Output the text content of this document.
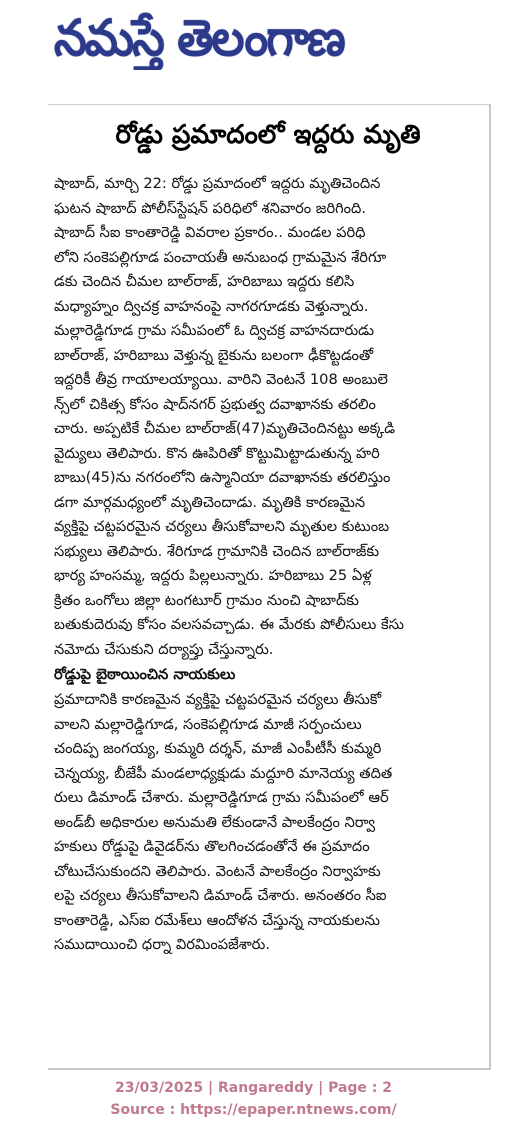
నమస్తే తెలంగాణ
రోడ్డు ప్రమాదంలో ఇద్దరు మృతి
షాబాద్, మార్చి 22: రోడ్డు ప్రమాదంలో ఇద్దరు మృతిచెందిన
ఘటన షాబాద్ పోలీస్‌స్టేషన్ పరిధిలో శనివారం జరిగింది.
షాబాద్ సీఐ కాంతారెడ్డి వివరాల ప్రకారం.. మండల పరిధి
లోని సంకెపల్లిగూడ పంచాయతీ అనుబంధ గ్రామమైన శేరిగూ
డకు చెందిన చీమల బాల్‌రాజ్, హరిబాబు ఇద్దరు కలిసి
మధ్యాహ్నం ద్విచక్ర వాహనంపై నాగరగూడకు వెళ్తున్నారు.
మల్లారెడ్డిగూడ గ్రామ సమీపంలో ఓ ద్విచక్ర వాహనదారుడు
బాల్‌రాజ్, హరిబాబు వెళ్తున్న బైకును బలంగా ఢీకొట్టడంతో
ఇద్దరికీ తీవ్ర గాయాలయ్యాయి. వారిని వెంటనే 108 అంబులె
న్స్‌లో చికిత్స కోసం షాద్‌నగర్ ప్రభుత్వ దవాఖానకు తరలిం
చారు. అప్పటికే చీమల బాల్‌రాజ్(47)మృతిచెందినట్టు అక్కడి
వైద్యులు తెలిపారు. కొన ఊపిరితో కొట్టుమిట్టాడుతున్న హరి
బాబు(45)ను నగరంలోని ఉస్మానియా దవాఖానకు తరలిస్తుం
డగా మార్గమధ్యంలో మృతిచెందాడు. మృతికి కారణమైన
వ్యక్తిపై చట్టపరమైన చర్యలు తీసుకోవాలని మృతుల కుటుంబ
సభ్యులు తెలిపారు. శేరిగూడ గ్రామానికి చెందిన బాల్‌రాజ్‌కు
భార్య హంసమ్మ, ఇద్దరు పిల్లలున్నారు. హరిబాబు 25 ఏళ్ల
క్రితం ఒంగోలు జిల్లా టంగటూర్ గ్రామం నుంచి షాబాద్‌కు
బతుకుదెరువు కోసం వలసవచ్చాడు. ఈ మేరకు పోలీసులు కేసు
నమోదు చేసుకుని దర్యాప్తు చేస్తున్నారు.
రోడ్డుపై బైఠాయించిన నాయకులు
ప్రమాదానికి కారణమైన వ్యక్తిపై చట్టపరమైన చర్యలు తీసుకో
వాలని మల్లారెడ్డిగూడ, సంకెపల్లిగూడ మాజీ సర్పంచులు
చందిప్ప జంగయ్య, కుమ్మరి దర్శన్, మాజీ ఎంపీటీసీ కుమ్మరి
చెన్నయ్య, బీజేపీ మండలాధ్యక్షుడు మద్దూరి మానెయ్య తదిత
రులు డిమాండ్ చేశారు. మల్లారెడ్డిగూడ గ్రామ సమీపంలో ఆర్
అండ్‌బీ అధికారుల అనుమతి లేకుండానే పాలకేంద్రం నిర్వా
హకులు రోడ్డుపై డివైడర్‌ను తొలగించడంతోనే ఈ ప్రమాదం
చోటుచేసుకుందని తెలిపారు. వెంటనే పాలకేంద్రం నిర్వాహకు
లపై చర్యలు తీసుకోవాలని డిమాండ్ చేశారు. అనంతరం సీఐ
కాంతారెడ్డి, ఎస్ఐ రమేశ్‌లు ఆందోళన చేస్తున్న నాయకులను
సముదాయించి ధర్నా విరమింపజేశారు.
23/03/2025 | Rangareddy | Page : 2
Source : https://epaper.ntnews.com/
